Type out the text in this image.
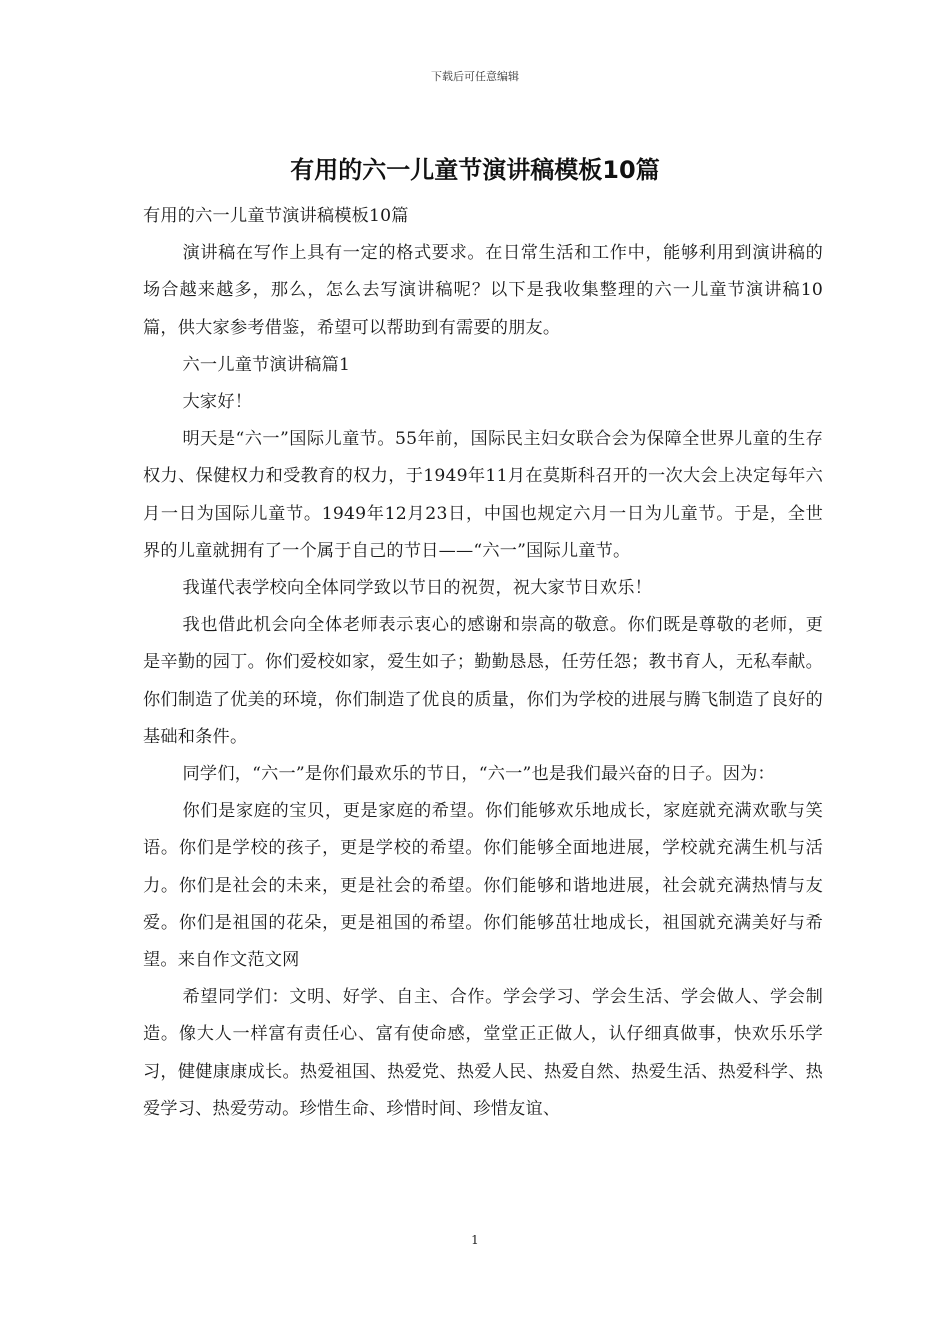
下载后可任意编辑
有用的六一儿童节演讲稿模板10篇

有用的六一儿童节演讲稿模板10篇

演讲稿在写作上具有一定的格式要求。在日常生活和工作中，能够利用到演讲稿的场合越来越多，那么，怎么去写演讲稿呢？以下是我收集整理的六一儿童节演讲稿10篇，供大家参考借鉴，希望可以帮助到有需要的朋友。

六一儿童节演讲稿篇1

大家好！

明天是“六一”国际儿童节。55年前，国际民主妇女联合会为保障全世界儿童的生存权力、保健权力和受教育的权力，于1949年11月在莫斯科召开的一次大会上决定每年六月一日为国际儿童节。1949年12月23日，中国也规定六月一日为儿童节。于是，全世界的儿童就拥有了一个属于自己的节日——“六一”国际儿童节。

我谨代表学校向全体同学致以节日的祝贺，祝大家节日欢乐！

我也借此机会向全体老师表示衷心的感谢和崇高的敬意。你们既是尊敬的老师，更是辛勤的园丁。你们爱校如家，爱生如子；勤勤恳恳，任劳任怨；教书育人，无私奉献。你们制造了优美的环境，你们制造了优良的质量，你们为学校的进展与腾飞制造了良好的基础和条件。

同学们，“六一”是你们最欢乐的节日，“六一”也是我们最兴奋的日子。因为：

你们是家庭的宝贝，更是家庭的希望。你们能够欢乐地成长，家庭就充满欢歌与笑语。你们是学校的孩子，更是学校的希望。你们能够全面地进展，学校就充满生机与活力。你们是社会的未来，更是社会的希望。你们能够和谐地进展，社会就充满热情与友爱。你们是祖国的花朵，更是祖国的希望。你们能够茁壮地成长，祖国就充满美好与希望。来自作文范文网

希望同学们：文明、好学、自主、合作。学会学习、学会生活、学会做人、学会制造。像大人一样富有责任心、富有使命感，堂堂正正做人，认仔细真做事，快欢乐乐学习，健健康康成长。热爱祖国、热爱党、热爱人民、热爱自然、热爱生活、热爱科学、热爱学习、热爱劳动。珍惜生命、珍惜时间、珍惜友谊、

1
